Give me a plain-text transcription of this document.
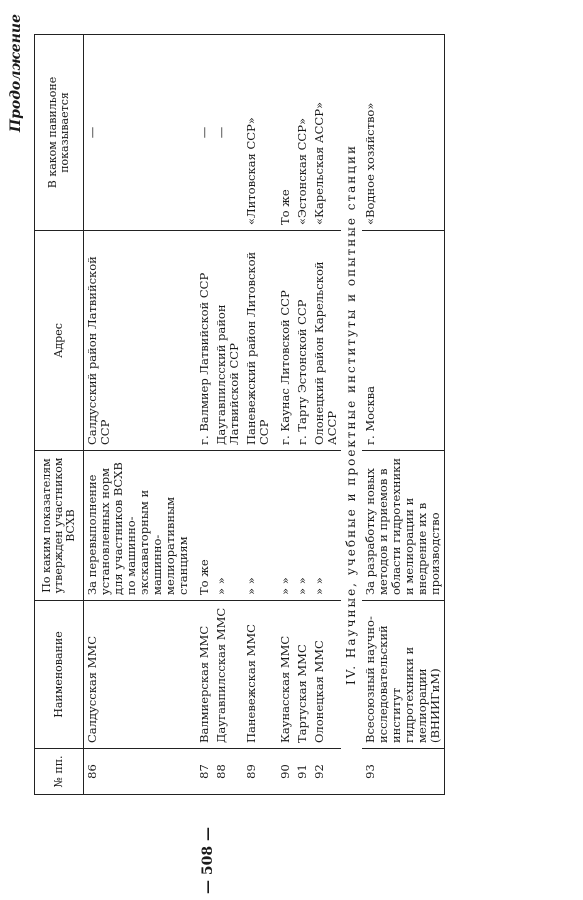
Продолжение
— 508 —
№ пп.	Наименование	По каким показателям утвержден участником ВСХВ	Адрес	В каком павильоне показывается
86	Салдусская ММС	За перевыполнение установленных норм для участников ВСХВ по машинно-экскаваторным и машинно-мелиоративным станциям	Салдусский район Латвийской ССР	—
87	Валмиерская ММС	То же	г. Валмиер Латвийской ССР	—
88	Даугавпилсская ММС	» »	Даугавпилсский район Латвийской ССР	—
89	Паневежская ММС	» »	Паневежский район Литовской ССР	«Литовская ССР»
90	Каунасская ММС	» »	г. Каунас Литовской ССР	То же
91	Тартуская ММС	» »	г. Тарту Эстонской ССР	«Эстонская ССР»
92	Олонецкая ММС	» »	Олонецкий район Карельской АССР	«Карельская АССР»
IV. Научные, учебные и проектные институты и опытные станции				
93	Всесоюзный научно-исследовательский институт гидротехники и мелиорации (ВНИИГиМ)	За разработку новых методов и приемов в области гидротехники и мелиорации и внедрение их в производство	г. Москва	«Водное хозяйство»
